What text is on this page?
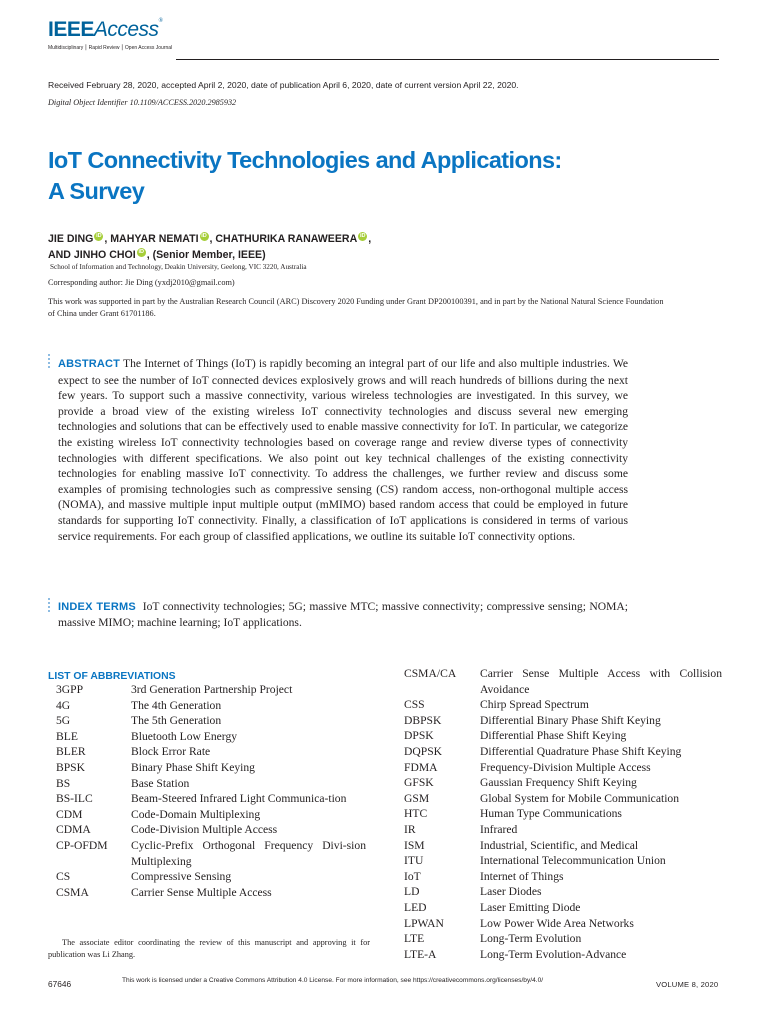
IEEEAccess®
Multidisciplinary ⎮ Rapid Review ⎮ Open Access Journal
Received February 28, 2020, accepted April 2, 2020, date of publication April 6, 2020, date of current version April 22, 2020.
Digital Object Identifier 10.1109/ACCESS.2020.2985932
IoT Connectivity Technologies and Applications:
A Survey
JIE DING iD , MAHYAR NEMATI iD , CHATHURIKA RANAWEERA iD ,
AND JINHO CHOI iD , (Senior Member, IEEE)
School of Information and Technology, Deakin University, Geelong, VIC 3220, Australia
Corresponding author: Jie Ding (yxdj2010@gmail.com)
This work was supported in part by the Australian Research Council (ARC) Discovery 2020 Funding under Grant DP200100391, and in part by the National Natural Science Foundation of China under Grant 61701186.
ABSTRACT The Internet of Things (IoT) is rapidly becoming an integral part of our life and also multiple industries. We expect to see the number of IoT connected devices explosively grows and will reach hundreds of billions during the next few years. To support such a massive connectivity, various wireless technologies are investigated. In this survey, we provide a broad view of the existing wireless IoT connectivity technologies and discuss several new emerging technologies and solutions that can be effectively used to enable massive connectivity for IoT. In particular, we categorize the existing wireless IoT connectivity technologies based on coverage range and review diverse types of connectivity technologies with different specifications. We also point out key technical challenges of the existing connectivity technologies for enabling massive IoT connectivity. To address the challenges, we further review and discuss some examples of promising technologies such as compressive sensing (CS) random access, non-orthogonal multiple access (NOMA), and massive multiple input multiple output (mMIMO) based random access that could be employed in future standards for supporting IoT connectivity. Finally, a classification of IoT applications is considered in terms of various service requirements. For each group of classified applications, we outline its suitable IoT connectivity options.
INDEX TERMS IoT connectivity technologies; 5G; massive MTC; massive connectivity; compressive sensing; NOMA; massive MIMO; machine learning; IoT applications.
LIST OF ABBREVIATIONS
3GPP	3rd Generation Partnership Project
4G	The 4th Generation
5G	The 5th Generation
BLE	Bluetooth Low Energy
BLER	Block Error Rate
BPSK	Binary Phase Shift Keying
BS	Base Station
BS-ILC	Beam-Steered Infrared Light Communica-tion
CDM	Code-Domain Multiplexing
CDMA	Code-Division Multiple Access
CP-OFDM	Cyclic-Prefix Orthogonal Frequency Divi-sion Multiplexing
CS	Compressive Sensing
CSMA	Carrier Sense Multiple Access
CSMA/CA	Carrier Sense Multiple Access with Collision Avoidance
CSS	Chirp Spread Spectrum
DBPSK	Differential Binary Phase Shift Keying
DPSK	Differential Phase Shift Keying
DQPSK	Differential Quadrature Phase Shift Keying
FDMA	Frequency-Division Multiple Access
GFSK	Gaussian Frequency Shift Keying
GSM	Global System for Mobile Communication
HTC	Human Type Communications
IR	Infrared
ISM	Industrial, Scientific, and Medical
ITU	International Telecommunication Union
IoT	Internet of Things
LD	Laser Diodes
LED	Laser Emitting Diode
LPWAN	Low Power Wide Area Networks
LTE	Long-Term Evolution
LTE-A	Long-Term Evolution-Advance
The associate editor coordinating the review of this manuscript and approving it for publication was Li Zhang.
67646	This work is licensed under a Creative Commons Attribution 4.0 License. For more information, see https://creativecommons.org/licenses/by/4.0/	VOLUME 8, 2020
